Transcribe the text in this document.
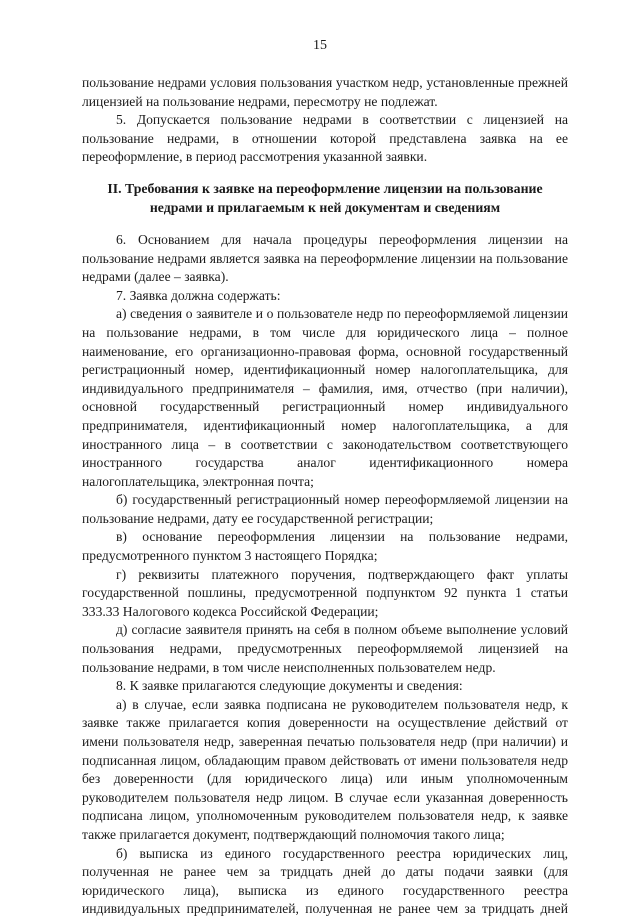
15

пользование недрами условия пользования участком недр, установленные прежней лицензией на пользование недрами, пересмотру не подлежат.

5. Допускается пользование недрами в соответствии с лицензией на пользование недрами, в отношении которой представлена заявка на ее переоформление, в период рассмотрения указанной заявки.

II. Требования к заявке на переоформление лицензии на пользование недрами и прилагаемым к ней документам и сведениям

6. Основанием для начала процедуры переоформления лицензии на пользование недрами является заявка на переоформление лицензии на пользование недрами (далее – заявка).

7. Заявка должна содержать:

а) сведения о заявителе и о пользователе недр по переоформляемой лицензии на пользование недрами, в том числе для юридического лица – полное наименование, его организационно-правовая форма, основной государственный регистрационный номер, идентификационный номер налогоплательщика, для индивидуального предпринимателя – фамилия, имя, отчество (при наличии), основной государственный регистрационный номер индивидуального предпринимателя, идентификационный номер налогоплательщика, а для иностранного лица – в соответствии с законодательством соответствующего иностранного государства аналог идентификационного номера налогоплательщика, электронная почта;

б) государственный регистрационный номер переоформляемой лицензии на пользование недрами, дату ее государственной регистрации;

в) основание переоформления лицензии на пользование недрами, предусмотренного пунктом 3 настоящего Порядка;

г) реквизиты платежного поручения, подтверждающего факт уплаты государственной пошлины, предусмотренной подпунктом 92 пункта 1 статьи 333.33 Налогового кодекса Российской Федерации;

д) согласие заявителя принять на себя в полном объеме выполнение условий пользования недрами, предусмотренных переоформляемой лицензией на пользование недрами, в том числе неисполненных пользователем недр.

8. К заявке прилагаются следующие документы и сведения:

а) в случае, если заявка подписана не руководителем пользователя недр, к заявке также прилагается копия доверенности на осуществление действий от имени пользователя недр, заверенная печатью пользователя недр (при наличии) и подписанная лицом, обладающим правом действовать от имени пользователя недр без доверенности (для юридического лица) или иным уполномоченным руководителем пользователя недр лицом. В случае если указанная доверенность подписана лицом, уполномоченным руководителем пользователя недр, к заявке также прилагается документ, подтверждающий полномочия такого лица;

б) выписка из единого государственного реестра юридических лиц, полученная не ранее чем за тридцать дней до даты подачи заявки (для юридического лица), выписка из единого государственного реестра индивидуальных предпринимателей, полученная не ранее чем за тридцать дней
